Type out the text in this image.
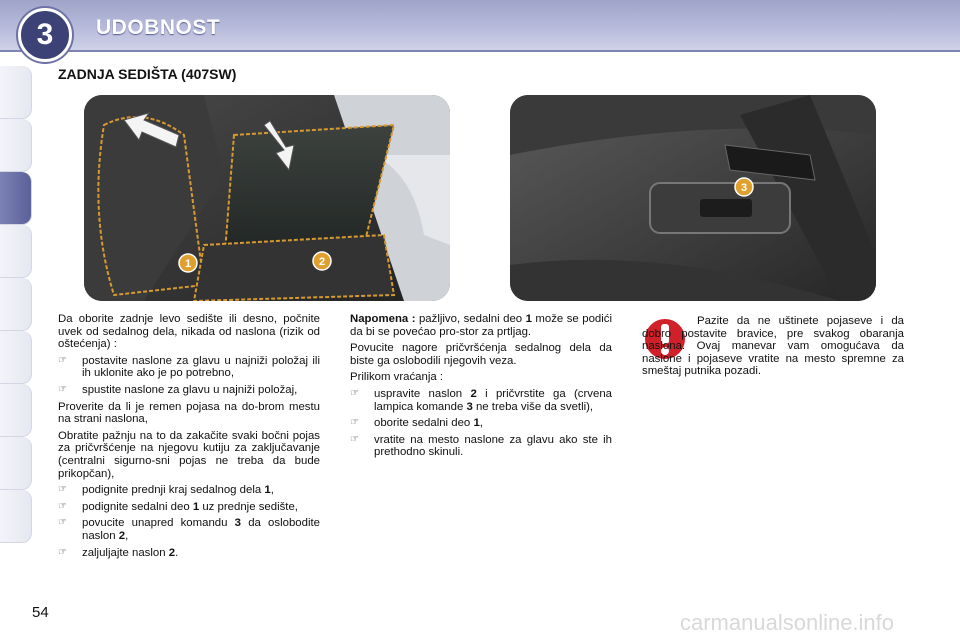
3	UDOBNOST
ZADNJA SEDIŠTA (407SW)
1	2
3

Da oborite zadnje levo sedište ili desno, počnite uvek od sedalnog dela, nikada od naslona (rizik od oštećenja) :

☞	postavite naslone za glavu u najniži položaj ili ih uklonite ako je po potrebno,
☞	spustite naslone za glavu u najniži položaj,

Proverite da li je remen pojasa na do-brom mestu na strani naslona,

Obratite pažnju na to da zakačite svaki bočni pojas za pričvršćenje na njegovu kutiju za zaključavanje (centralni sigurno-sni pojas ne treba da bude prikopčan),

☞	podignite prednji kraj sedalnog dela 1,
☞	podignite sedalni deo 1 uz prednje sedište,
☞	povucite unapred komandu 3 da oslobodite naslon 2,
☞	zaljuljajte naslon 2.

Napomena : pažljivo, sedalni deo 1 može se podići da bi se povećao pro-stor za prtljag.

Povucite nagore pričvršćenja sedalnog dela da biste ga oslobodili njegovih veza.

Prilikom vraćanja :

☞	uspravite naslon 2 i pričvrstite ga (crvena lampica komande 3 ne treba više da svetli),
☞	oborite sedalni deo 1,
☞	vratite na mesto naslone za glavu ako ste ih prethodno skinuli.

Pazite da ne uštinete pojaseve i da dobro postavite bravice, pre svakog obaranja naslona. Ovaj manevar vam omogućava da naslone i pojaseve vratite na mesto spremne za smeštaj putnika pozadi.

54	carmanualsonline.info
